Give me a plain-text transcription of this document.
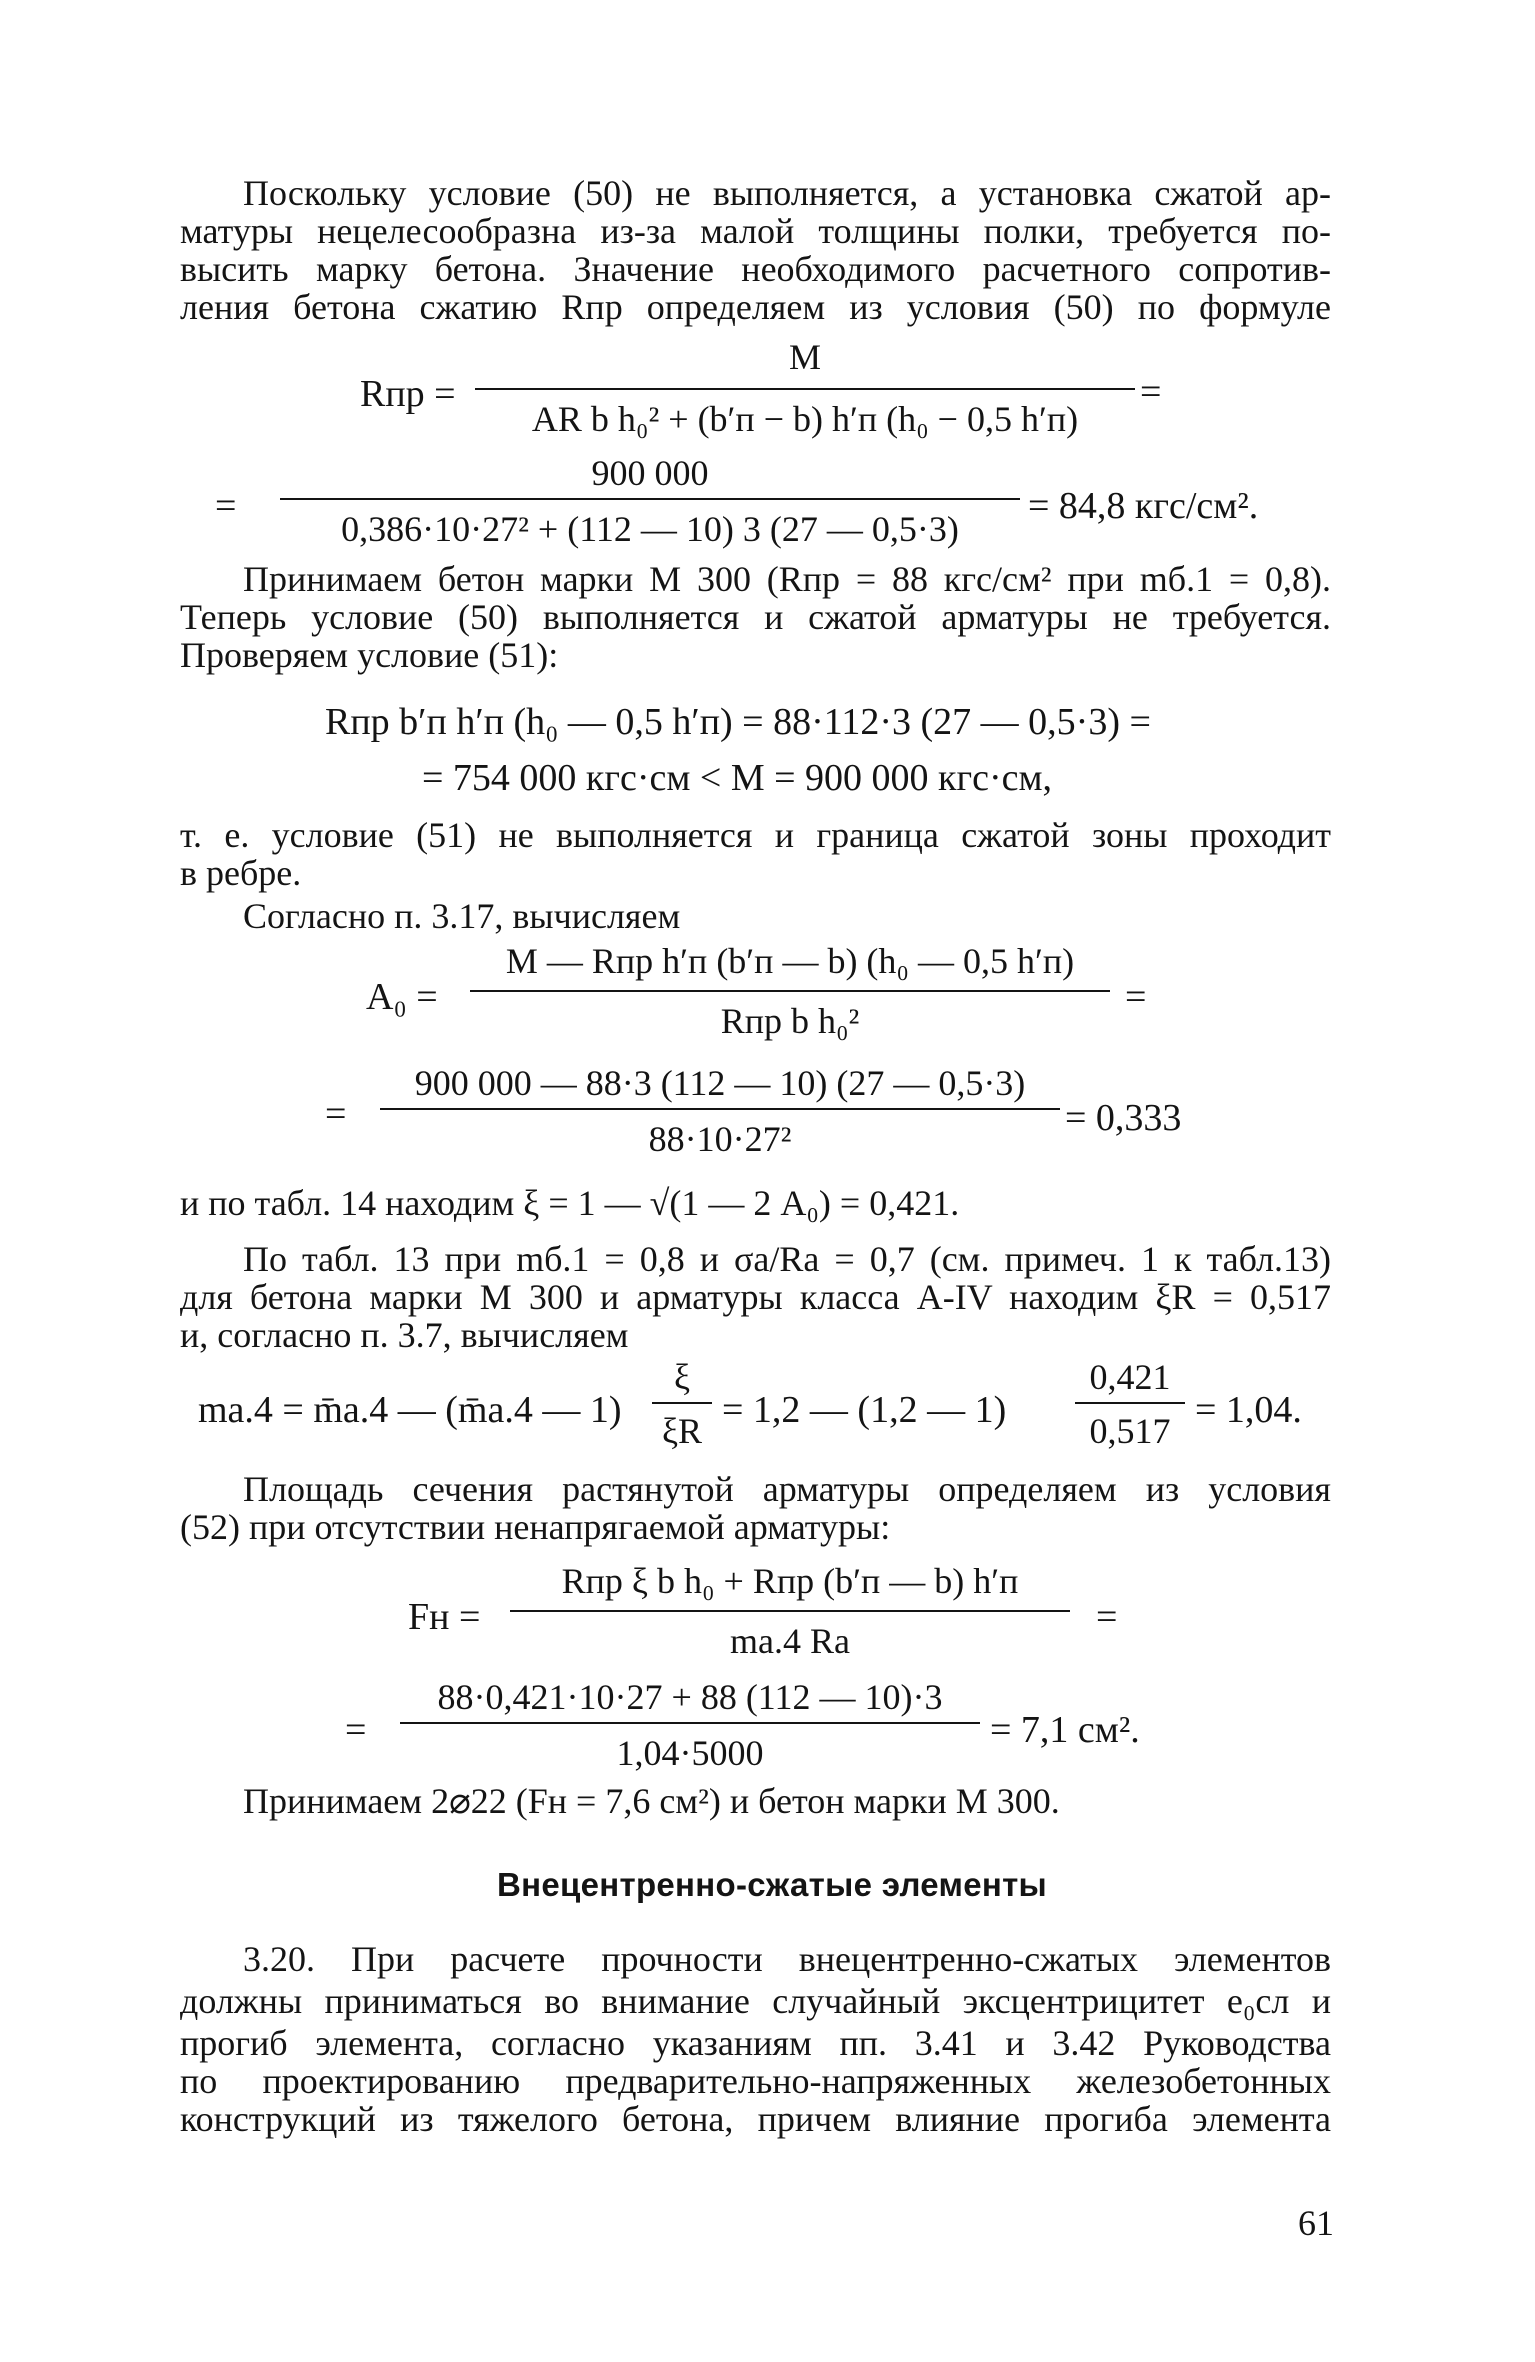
Поскольку условие (50) не выполняется, а установка сжатой ар-
матуры нецелесообразна из-за малой толщины полки, требуется по-
высить марку бетона. Значение необходимого расчетного сопротив-
ления бетона сжатию Rпр определяем из условия (50) по формуле
Rпр =
M
AR b h₀² + (b′п − b) h′п (h₀ − 0,5 h′п)
=
=
900 000
0,386·10·27² + (112 — 10) 3 (27 — 0,5·3)
= 84,8 кгс/см².
Принимаем бетон марки М 300 (Rпр = 88 кгс/см² при mб.1 = 0,8).
Теперь условие (50) выполняется и сжатой арматуры не требуется.
Проверяем условие (51):
Rпр b′п h′п (h₀ — 0,5 h′п) = 88·112·3 (27 — 0,5·3) =
= 754 000 кгс·см < M = 900 000 кгс·см,
т. е. условие (51) не выполняется и граница сжатой зоны проходит
в ребре.
Согласно п. 3.17, вычисляем
A₀ =
M — Rпр h′п (b′п — b) (h₀ — 0,5 h′п)
Rпр b h₀²
=
=
900 000 — 88·3 (112 — 10) (27 — 0,5·3)
88·10·27²	= 0,333
и по табл. 14 находим ξ = 1 — √(1 — 2 A₀) = 0,421.
По табл. 13 при mб.1 = 0,8 и σа/Rа = 0,7 (см. примеч. 1 к табл.13)
для бетона марки М 300 и арматуры класса А-IV находим ξR = 0,517
и, согласно п. 3.7, вычисляем
mа.4 = m̄а.4 — (m̄а.4 — 1)
ξ
ξR = 1,2 — (1,2 — 1)
0,421
0,517 = 1,04.
Площадь сечения растянутой арматуры определяем из условия
(52) при отсутствии ненапрягаемой арматуры:
Fн =
Rпр ξ b h₀ + Rпр (b′п — b) h′п
mа.4 Rа
=
=
88·0,421·10·27 + 88 (112 — 10)·3
1,04·5000
= 7,1 см².
Принимаем 2⌀22 (Fн = 7,6 см²) и бетон марки М 300.
Внецентренно-сжатые элементы
3.20. При расчете прочности внецентренно-сжатых элементов
должны приниматься во внимание случайный эксцентрицитет e₀сл и
прогиб элемента, согласно указаниям пп. 3.41 и 3.42 Руководства
по проектированию предварительно-напряженных железобетонных
конструкций из тяжелого бетона, причем влияние прогиба элемента
61
